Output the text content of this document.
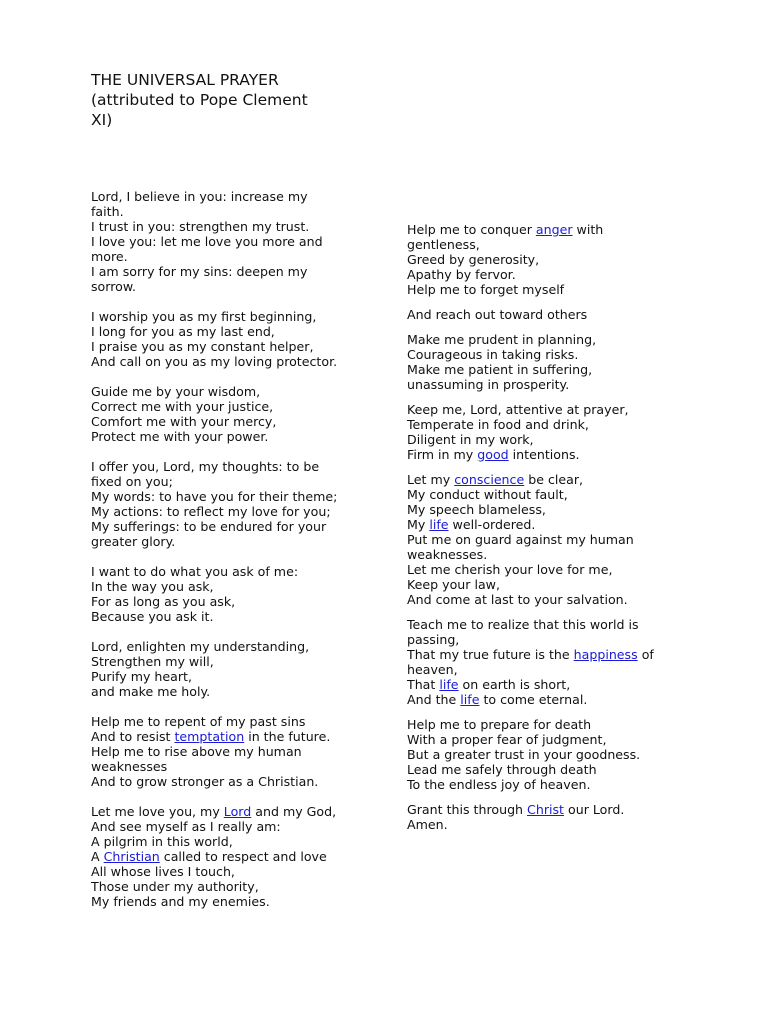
THE UNIVERSAL PRAYER
(attributed to Pope Clement
XI)
Lord, I believe in you: increase my
faith.
I trust in you: strengthen my trust.
I love you: let me love you more and
more.
I am sorry for my sins: deepen my
sorrow.
I worship you as my first beginning,
I long for you as my last end,
I praise you as my constant helper,
And call on you as my loving protector.
Guide me by your wisdom,
Correct me with your justice,
Comfort me with your mercy,
Protect me with your power.
I offer you, Lord, my thoughts: to be
fixed on you;
My words: to have you for their theme;
My actions: to reflect my love for you;
My sufferings: to be endured for your
greater glory.
I want to do what you ask of me:
In the way you ask,
For as long as you ask,
Because you ask it.
Lord, enlighten my understanding,
Strengthen my will,
Purify my heart,
and make me holy.
Help me to repent of my past sins
And to resist temptation in the future.
Help me to rise above my human
weaknesses
And to grow stronger as a Christian.
Let me love you, my Lord and my God,
And see myself as I really am:
A pilgrim in this world,
A Christian called to respect and love
All whose lives I touch,
Those under my authority,
My friends and my enemies.
Help me to conquer anger with
gentleness,
Greed by generosity,
Apathy by fervor.
Help me to forget myself
And reach out toward others
Make me prudent in planning,
Courageous in taking risks.
Make me patient in suffering,
unassuming in prosperity.
Keep me, Lord, attentive at prayer,
Temperate in food and drink,
Diligent in my work,
Firm in my good intentions.
Let my conscience be clear,
My conduct without fault,
My speech blameless,
My life well-ordered.
Put me on guard against my human
weaknesses.
Let me cherish your love for me,
Keep your law,
And come at last to your salvation.
Teach me to realize that this world is
passing,
That my true future is the happiness of
heaven,
That life on earth is short,
And the life to come eternal.
Help me to prepare for death
With a proper fear of judgment,
But a greater trust in your goodness.
Lead me safely through death
To the endless joy of heaven.
Grant this through Christ our Lord.
Amen.
